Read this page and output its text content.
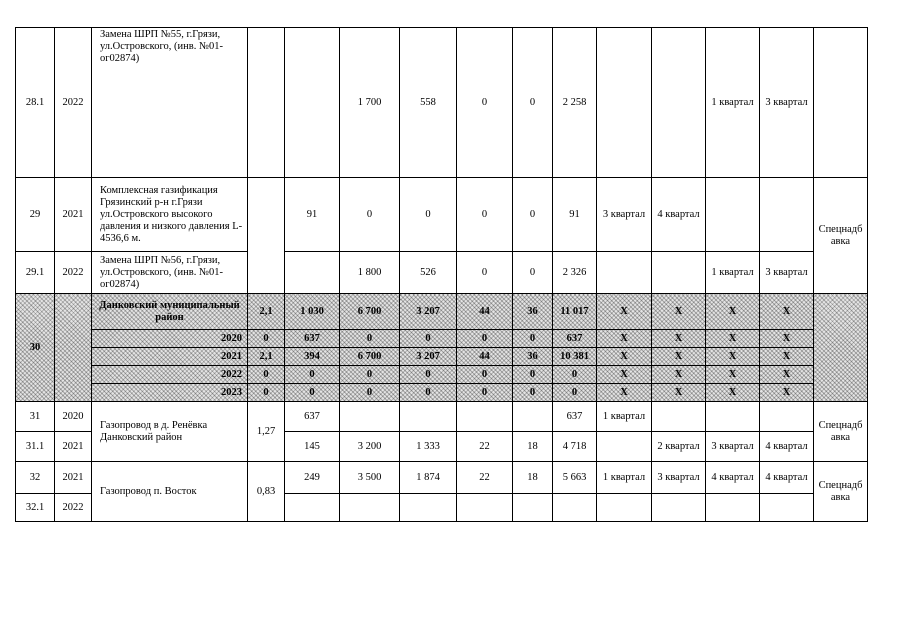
28.1	2022	Замена ШРП №55, г.Грязи, ул.Островского, (инв. №01-ог02874)			1 700	558	0	0	2 258			1 квартал	3 квартал	
29	2021	Комплексная газификация Грязинский р-н г.Грязи ул.Островского высокого давления и низкого давления L-4536,6 м.		91	0	0	0	0	91	3 квартал	4 квартал			Спецнадб авка
29.1	2022	Замена ШРП №56, г.Грязи, ул.Островского, (инв. №01-ог02874)			1 800	526	0	0	2 326			1 квартал	3 квартал	
30		Данковский муниципальный район	2,1	1 030	6 700	3 207	44	36	11 017	X	X	X	X	
		2020	0	637	0	0	0	0	637	X	X	X	X	
		2021	2,1	394	6 700	3 207	44	36	10 381	X	X	X	X	
		2022	0	0	0	0	0	0	0	X	X	X	X	
		2023	0	0	0	0	0	0	0	X	X	X	X	
31	2020	Газопровод в д. Ренёвка Данковский район	1,27	637					637	1 квартал				Спецнадб авка
31.1	2021			145	3 200	1 333	22	18	4 718		2 квартал	3 квартал	4 квартал	
32	2021	Газопровод п. Восток	0,83	249	3 500	1 874	22	18	5 663	1 квартал	3 квартал	4 квартал	4 квартал	Спецнадб авка
32.1	2022													
